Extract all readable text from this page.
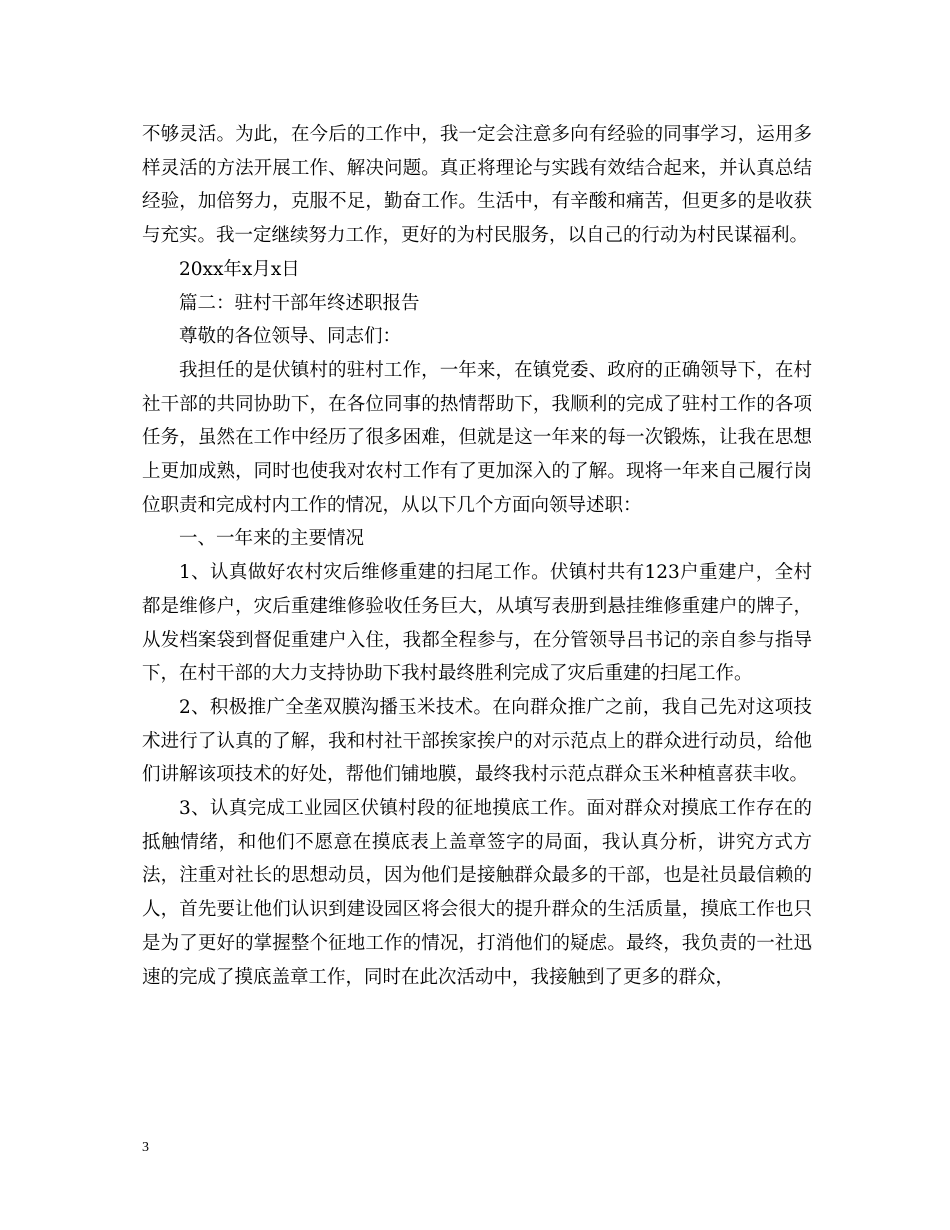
不够灵活。为此，在今后的工作中，我一定会注意多向有经验的同事学习，运用多样灵活的方法开展工作、解决问题。真正将理论与实践有效结合起来，并认真总结经验，加倍努力，克服不足，勤奋工作。生活中，有辛酸和痛苦，但更多的是收获与充实。我一定继续努力工作，更好的为村民服务，以自己的行动为村民谋福利。

20xx年x月x日

篇二：驻村干部年终述职报告

尊敬的各位领导、同志们：

我担任的是伏镇村的驻村工作，一年来，在镇党委、政府的正确领导下，在村社干部的共同协助下，在各位同事的热情帮助下，我顺利的完成了驻村工作的各项任务，虽然在工作中经历了很多困难，但就是这一年来的每一次锻炼，让我在思想上更加成熟，同时也使我对农村工作有了更加深入的了解。现将一年来自己履行岗位职责和完成村内工作的情况，从以下几个方面向领导述职：

一、一年来的主要情况

1、认真做好农村灾后维修重建的扫尾工作。伏镇村共有123户重建户，全村都是维修户，灾后重建维修验收任务巨大，从填写表册到悬挂维修重建户的牌子，从发档案袋到督促重建户入住，我都全程参与，在分管领导吕书记的亲自参与指导下，在村干部的大力支持协助下我村最终胜利完成了灾后重建的扫尾工作。

2、积极推广全垄双膜沟播玉米技术。在向群众推广之前，我自己先对这项技术进行了认真的了解，我和村社干部挨家挨户的对示范点上的群众进行动员，给他们讲解该项技术的好处，帮他们铺地膜，最终我村示范点群众玉米种植喜获丰收。

3、认真完成工业园区伏镇村段的征地摸底工作。面对群众对摸底工作存在的抵触情绪，和他们不愿意在摸底表上盖章签字的局面，我认真分析，讲究方式方法，注重对社长的思想动员，因为他们是接触群众最多的干部，也是社员最信赖的人，首先要让他们认识到建设园区将会很大的提升群众的生活质量，摸底工作也只是为了更好的掌握整个征地工作的情况，打消他们的疑虑。最终，我负责的一社迅速的完成了摸底盖章工作，同时在此次活动中，我接触到了更多的群众，

3
